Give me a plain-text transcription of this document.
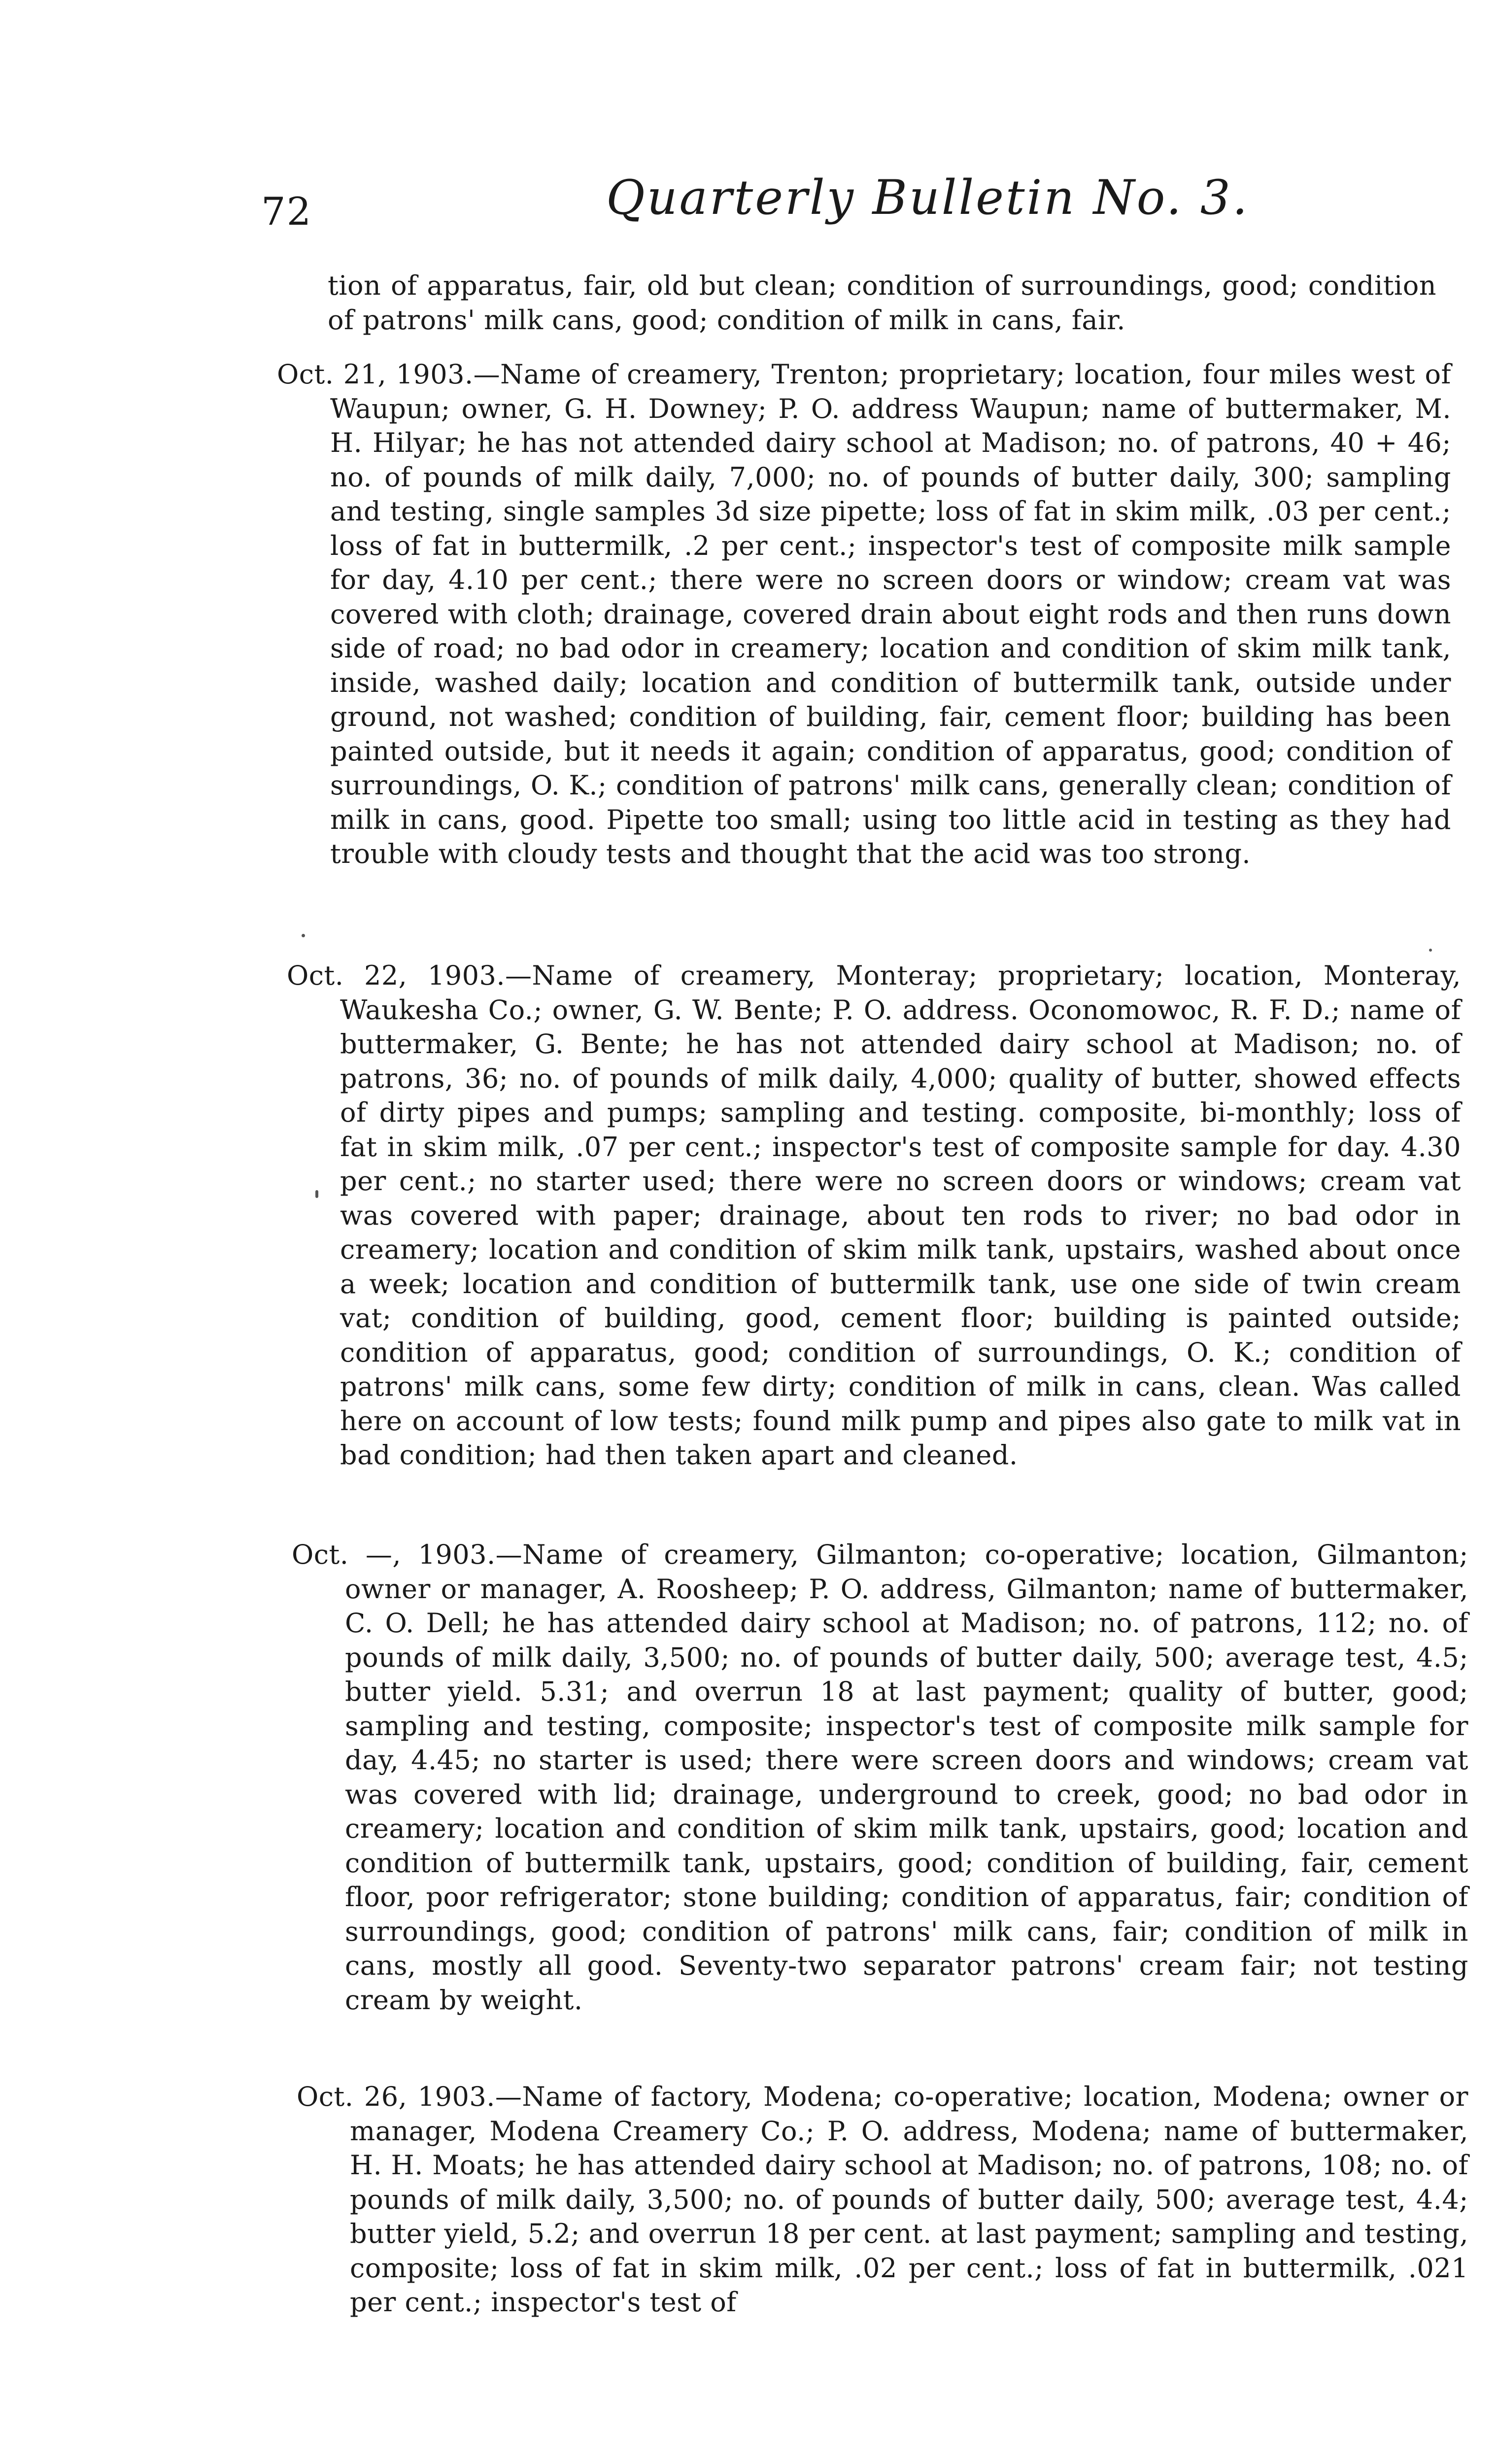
72	Quarterly Bulletin No. 3.

tion of apparatus, fair, old but clean; condition of surroundings, good; condition of patrons' milk cans, good; condition of milk in cans, fair.

Oct. 21, 1903.—Name of creamery, Trenton; proprietary; location, four miles west of Waupun; owner, G. H. Downey; P. O. address Waupun; name of buttermaker, M. H. Hilyar; he has not attended dairy school at Madison; no. of patrons, 40 + 46; no. of pounds of milk daily, 7,000; no. of pounds of butter daily, 300; sampling and testing, single samples 3d size pipette; loss of fat in skim milk, .03 per cent.; loss of fat in buttermilk, .2 per cent.; inspector's test of composite milk sample for day, 4.10 per cent.; there were no screen doors or window; cream vat was covered with cloth; drainage, covered drain about eight rods and then runs down side of road; no bad odor in creamery; location and condition of skim milk tank, inside, washed daily; location and condition of buttermilk tank, outside under ground, not washed; condition of building, fair, cement floor; building has been painted outside, but it needs it again; condition of apparatus, good; condition of surroundings, O. K.; condition of patrons' milk cans, generally clean; condition of milk in cans, good. Pipette too small; using too little acid in testing as they had trouble with cloudy tests and thought that the acid was too strong.

Oct. 22, 1903.—Name of creamery, Monteray; proprietary; location, Monteray, Waukesha Co.; owner, G. W. Bente; P. O. address. Oconomowoc, R. F. D.; name of buttermaker, G. Bente; he has not attended dairy school at Madison; no. of patrons, 36; no. of pounds of milk daily, 4,000; quality of butter, showed effects of dirty pipes and pumps; sampling and testing. composite, bi-monthly; loss of fat in skim milk, .07 per cent.; inspector's test of composite sample for day. 4.30 per cent.; no starter used; there were no screen doors or windows; cream vat was covered with paper; drainage, about ten rods to river; no bad odor in creamery; location and condition of skim milk tank, upstairs, washed about once a week; location and condition of buttermilk tank, use one side of twin cream vat; condition of building, good, cement floor; building is painted outside; condition of apparatus, good; condition of surroundings, O. K.; condition of patrons' milk cans, some few dirty; condition of milk in cans, clean. Was called here on account of low tests; found milk pump and pipes also gate to milk vat in bad condition; had then taken apart and cleaned.

Oct. —, 1903.—Name of creamery, Gilmanton; co-operative; location, Gilmanton; owner or manager, A. Roosheep; P. O. address, Gilmanton; name of buttermaker, C. O. Dell; he has attended dairy school at Madison; no. of patrons, 112; no. of pounds of milk daily, 3,500; no. of pounds of butter daily, 500; average test, 4.5; butter yield. 5.31; and overrun 18 at last payment; quality of butter, good; sampling and testing, composite; inspector's test of composite milk sample for day, 4.45; no starter is used; there were screen doors and windows; cream vat was covered with lid; drainage, underground to creek, good; no bad odor in creamery; location and condition of skim milk tank, upstairs, good; location and condition of buttermilk tank, upstairs, good; condition of building, fair, cement floor, poor refrigerator; stone building; condition of apparatus, fair; condition of surroundings, good; condition of patrons' milk cans, fair; condition of milk in cans, mostly all good. Seventy-two separator patrons' cream fair; not testing cream by weight.

Oct. 26, 1903.—Name of factory, Modena; co-operative; location, Modena; owner or manager, Modena Creamery Co.; P. O. address, Modena; name of buttermaker, H. H. Moats; he has attended dairy school at Madison; no. of patrons, 108; no. of pounds of milk daily, 3,500; no. of pounds of butter daily, 500; average test, 4.4; butter yield, 5.2; and overrun 18 per cent. at last payment; sampling and testing, composite; loss of fat in skim milk, .02 per cent.; loss of fat in buttermilk, .021 per cent.; inspector's test of
